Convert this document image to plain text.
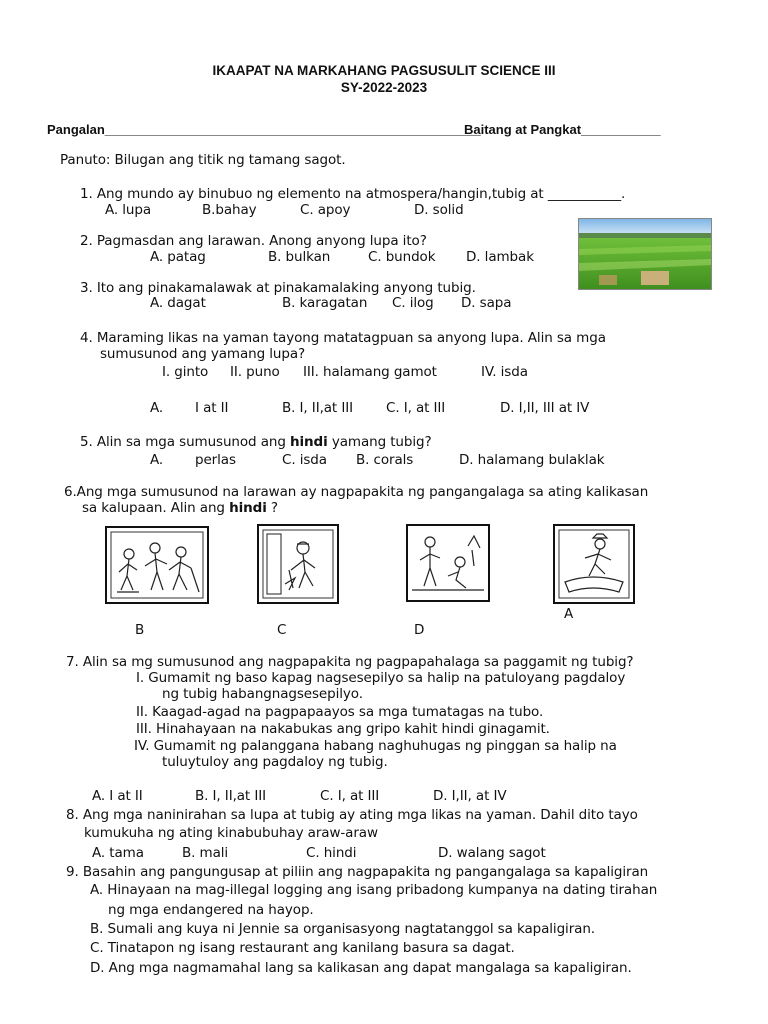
IKAAPAT NA MARKAHANG PAGSUSULIT SCIENCE III
SY-2022-2023
Pangalan____________________________________________________
Baitang at Pangkat___________
Panuto: Bilugan ang titik ng tamang sagot.
1. Ang mundo ay binubuo ng elemento na atmospera/hangin,tubig at ___________.
A. lupa	B.bahay	C. apoy	D. solid
2. Pagmasdan ang larawan. Anong anyong lupa ito?
A. patag	B. bulkan	C. bundok D. lambak
3. Ito ang pinakamalawak at pinakamalaking anyong tubig.
A. dagat	B. karagatan C. ilog D. sapa
4. Maraming likas na yaman tayong matatagpuan sa anyong lupa. Alin sa mga
sumusunod ang yamang lupa?
I. ginto II. puno III. halamang gamot	IV. isda
A. I at II	B. I, II,at III C. I, at III	D. I,II, III at IV
5. Alin sa mga sumusunod ang hindi yamang tubig?
A. perlas	C. isda B. corals	D. halamang bulaklak
6.Ang mga sumusunod na larawan ay nagpapakita ng pangangalaga sa ating kalikasan
sa kalupaan. Alin ang hindi ?
B	C	D
A
7. Alin sa mg sumusunod ang nagpapakita ng pagpapahalaga sa paggamit ng tubig?
I. Gumamit ng baso kapag nagsesepilyo sa halip na patuloyang pagdaloy
ng tubig habangnagsesepilyo.
II. Kaagad-agad na pagpapaayos sa mga tumatagas na tubo.
III. Hinahayaan na nakabukas ang gripo kahit hindi ginagamit.
IV. Gumamit ng palanggana habang naghuhugas ng pinggan sa halip na
tuluytuloy ang pagdaloy ng tubig.
A. I at II	B. I, II,at III	C. I, at III	D. I,II, at IV
8. Ang mga naninirahan sa lupa at tubig ay ating mga likas na yaman. Dahil dito tayo
kumukuha ng ating kinabubuhay araw-araw
A. tama	B. mali	C. hindi	D. walang sagot
9. Basahin ang pangungusap at piliin ang nagpapakita ng pangangalaga sa kapaligiran
A. Hinayaan na mag-illegal logging ang isang pribadong kumpanya na dating tirahan
ng mga endangered na hayop.
B. Sumali ang kuya ni Jennie sa organisasyong nagtatanggol sa kapaligiran.
C. Tinatapon ng isang restaurant ang kanilang basura sa dagat.
D. Ang mga nagmamahal lang sa kalikasan ang dapat mangalaga sa kapaligiran.
